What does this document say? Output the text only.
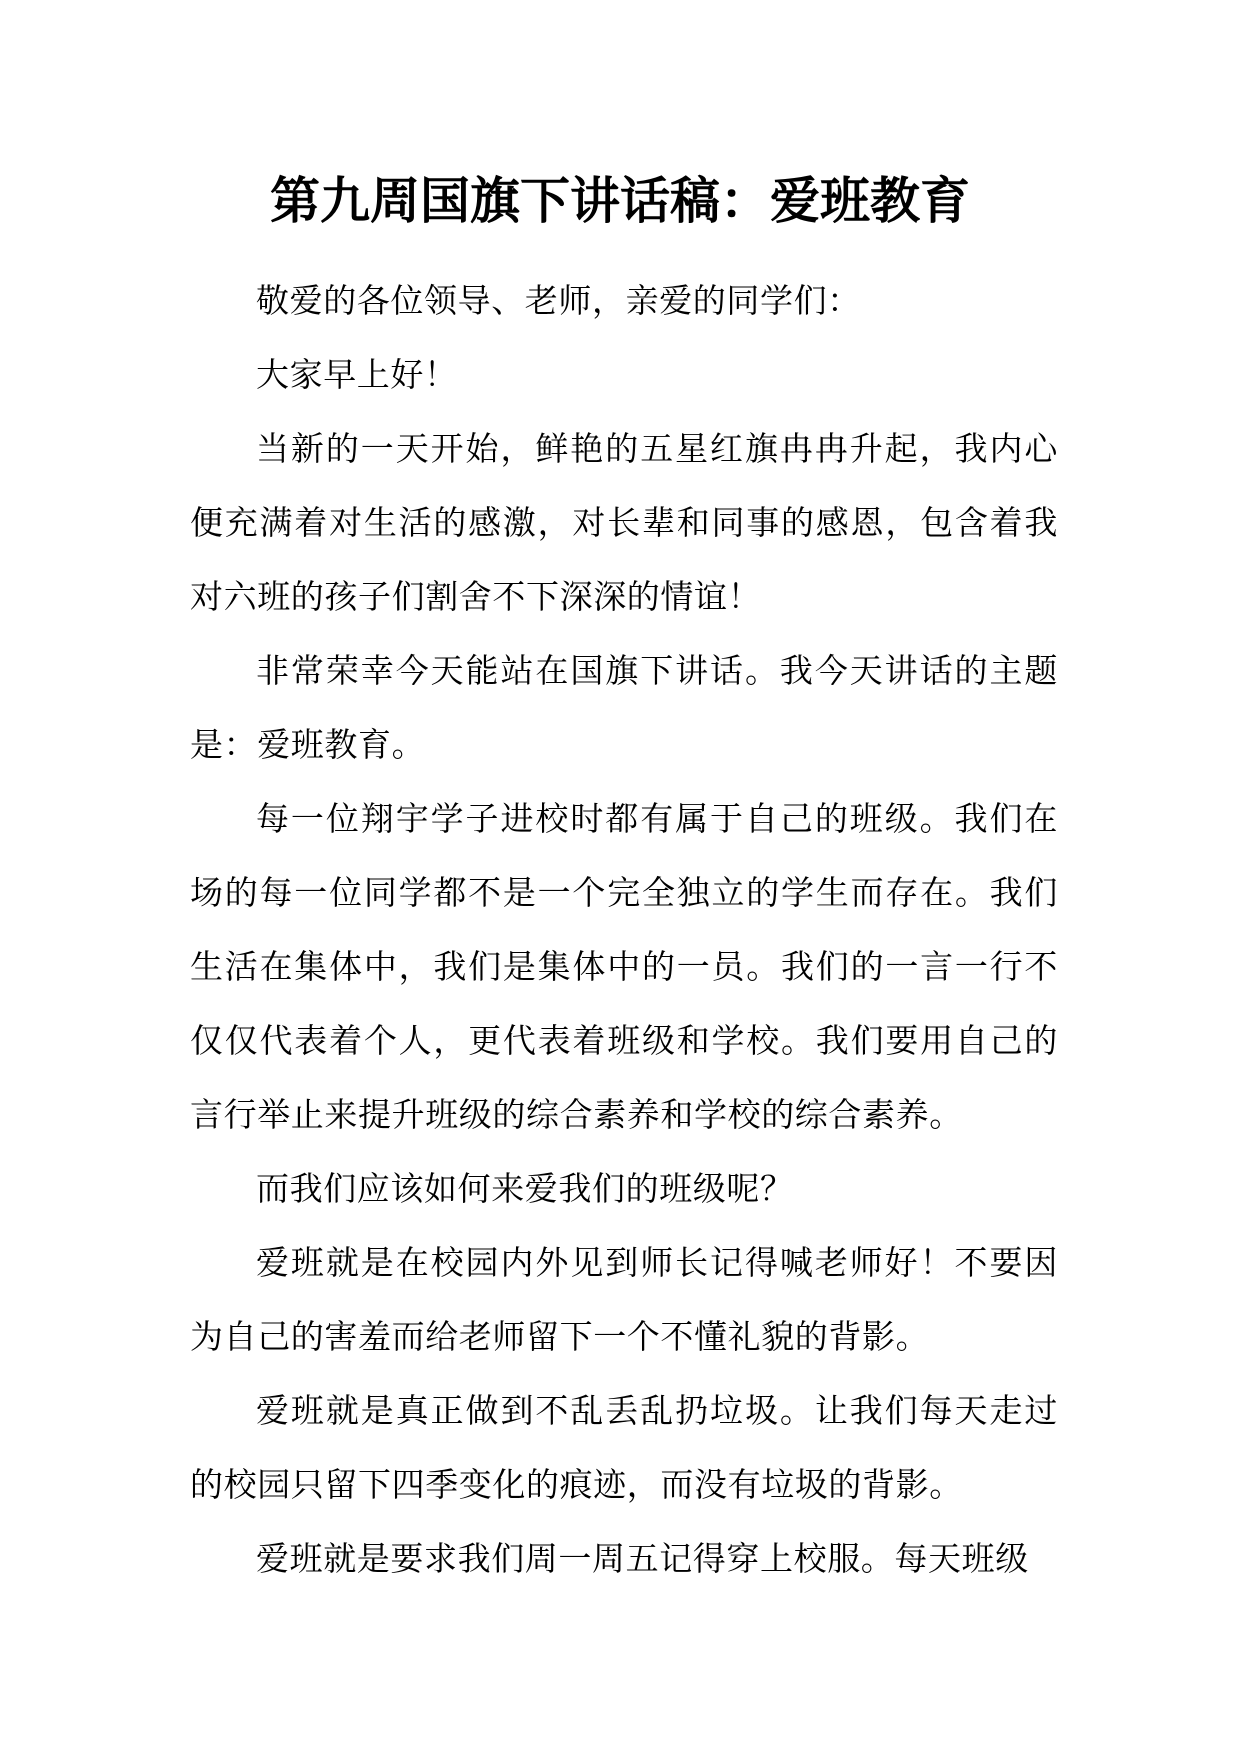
第九周国旗下讲话稿：爱班教育

敬爱的各位领导、老师，亲爱的同学们：

大家早上好！

当新的一天开始，鲜艳的五星红旗冉冉升起，我内心便充满着对生活的感激，对长辈和同事的感恩，包含着我对六班的孩子们割舍不下深深的情谊！

非常荣幸今天能站在国旗下讲话。我今天讲话的主题是：爱班教育。

每一位翔宇学子进校时都有属于自己的班级。我们在场的每一位同学都不是一个完全独立的学生而存在。我们生活在集体中，我们是集体中的一员。我们的一言一行不仅仅代表着个人，更代表着班级和学校。我们要用自己的言行举止来提升班级的综合素养和学校的综合素养。

而我们应该如何来爱我们的班级呢？

爱班就是在校园内外见到师长记得喊老师好！不要因为自己的害羞而给老师留下一个不懂礼貌的背影。

爱班就是真正做到不乱丢乱扔垃圾。让我们每天走过的校园只留下四季变化的痕迹，而没有垃圾的背影。

爱班就是要求我们周一周五记得穿上校服。每天班级
